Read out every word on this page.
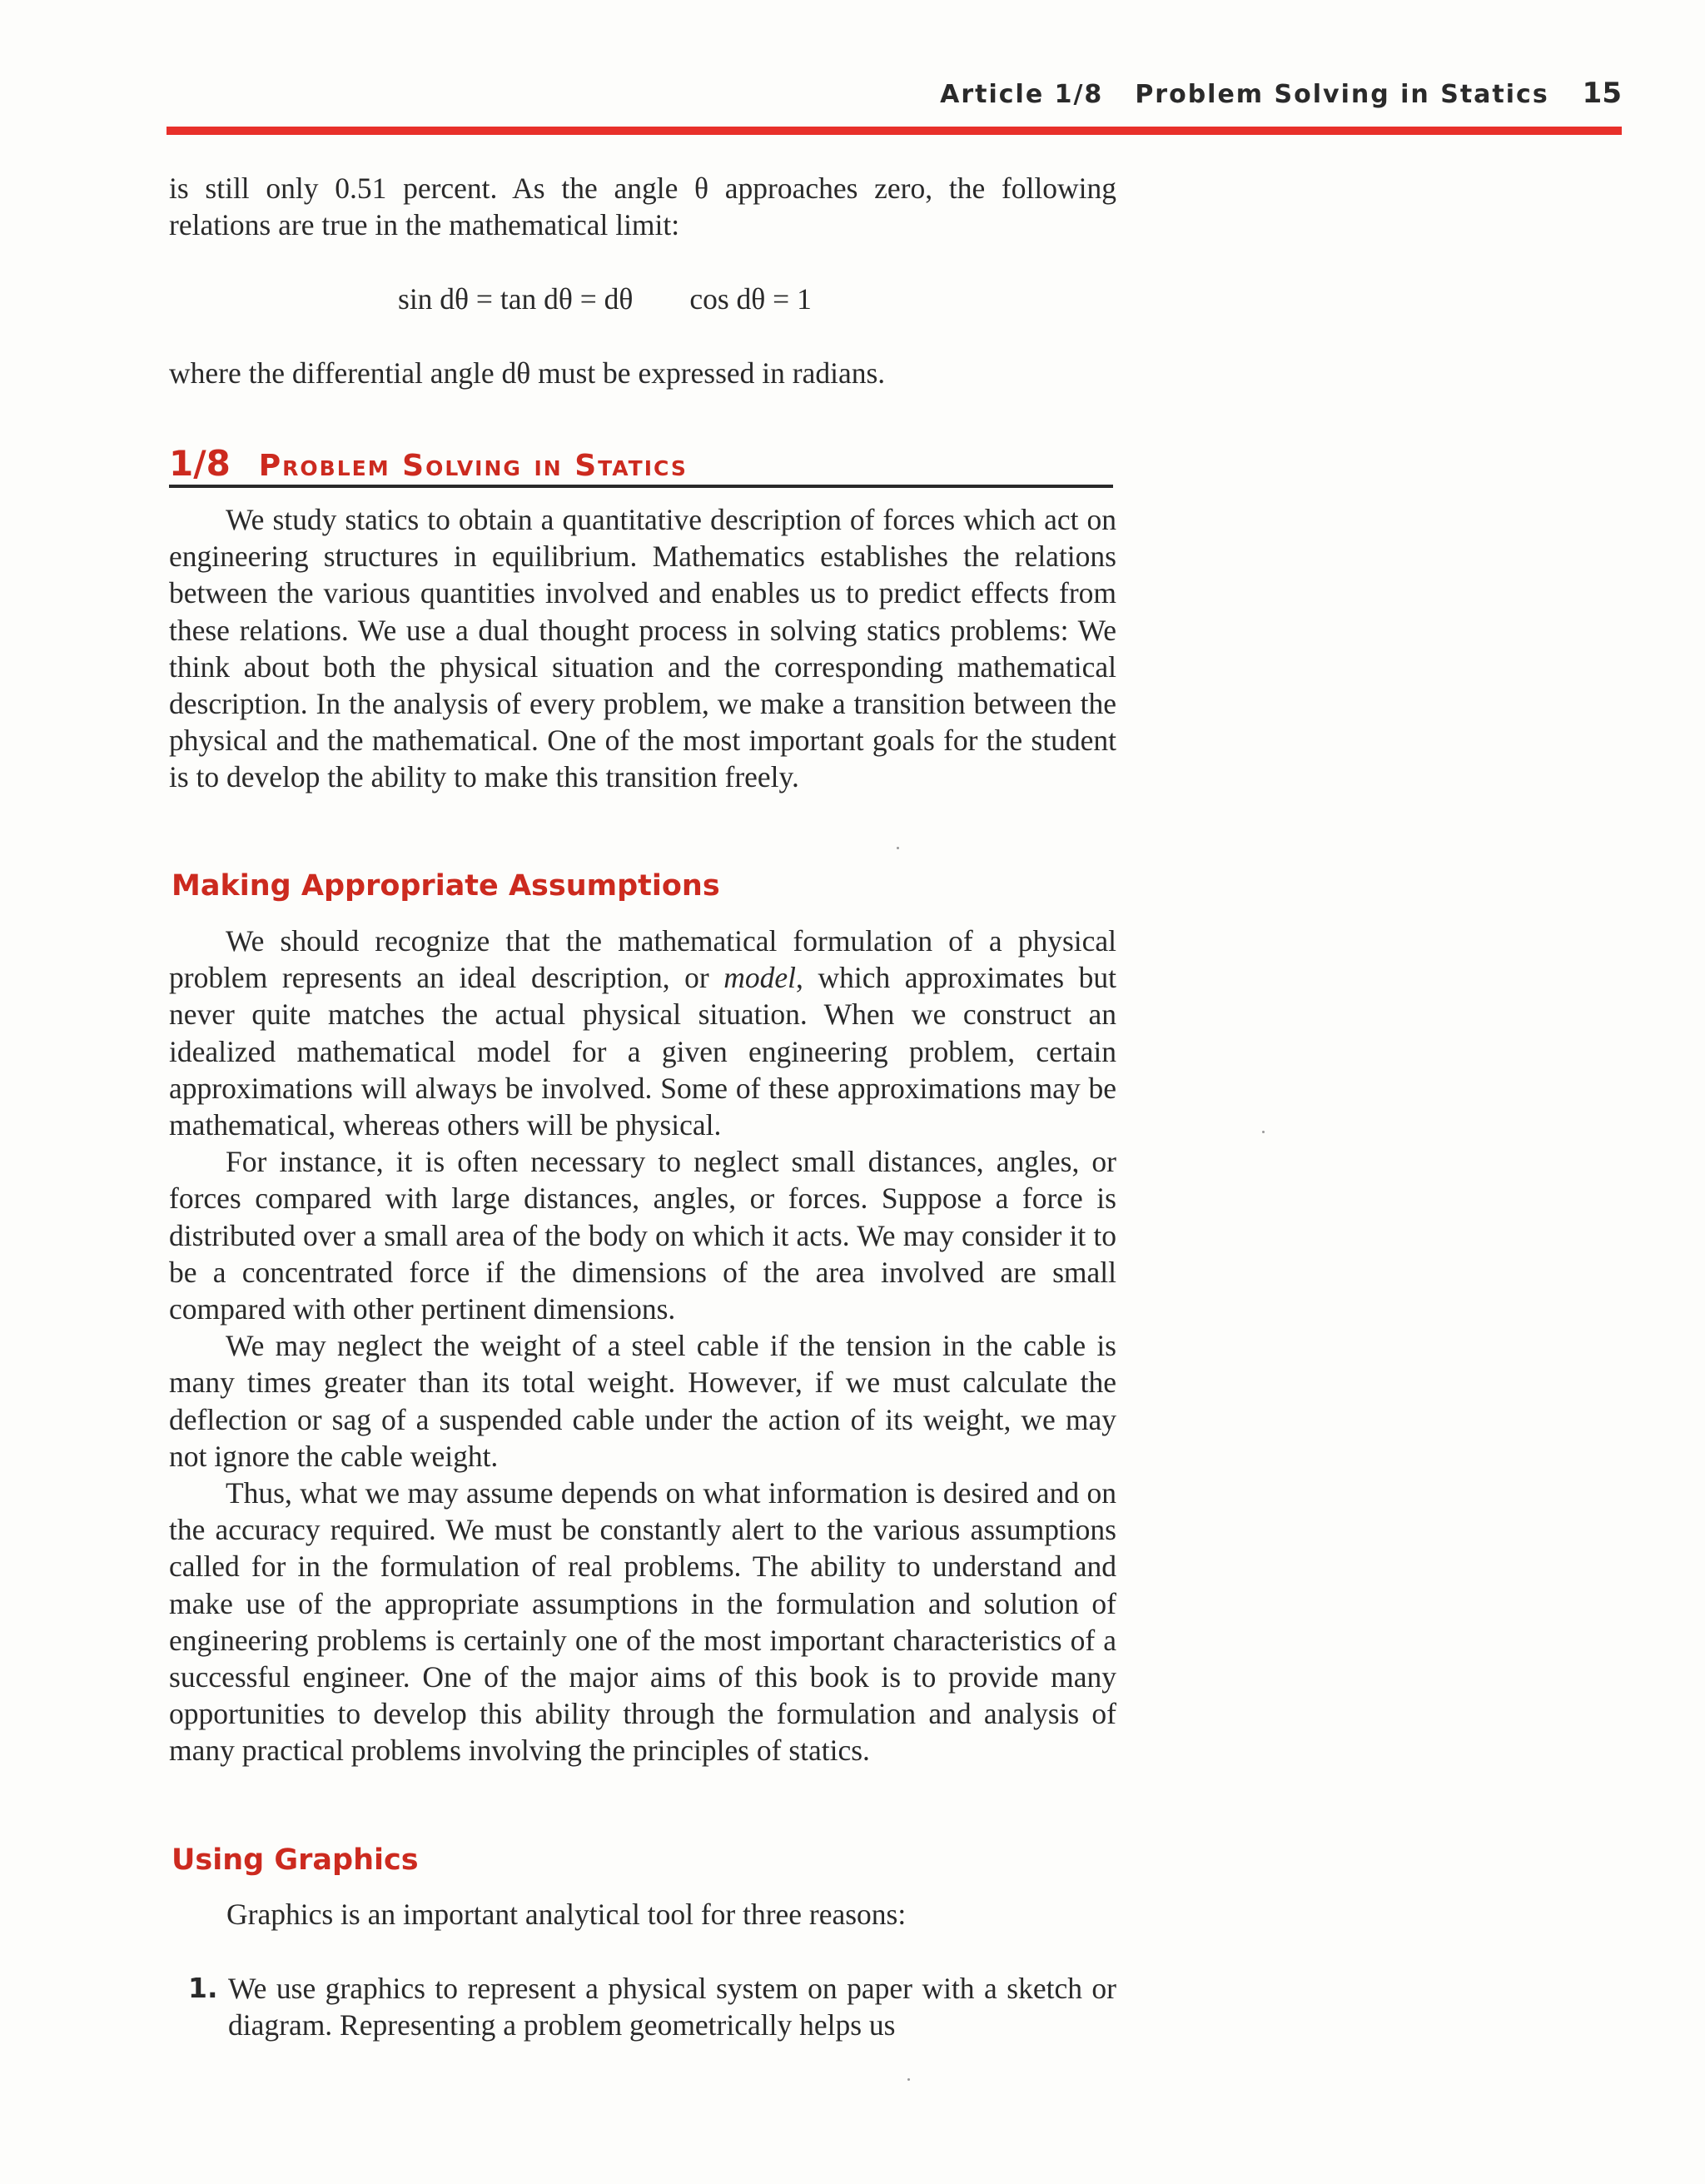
Article 1/8 Problem Solving in Statics 15

is still only 0.51 percent. As the angle θ approaches zero, the following relations are true in the mathematical limit:

sin dθ = tan dθ = dθ cos dθ = 1

where the differential angle dθ must be expressed in radians.

1/8 Problem Solving in Statics

We study statics to obtain a quantitative description of forces which act on engineering structures in equilibrium. Mathematics establishes the relations between the various quantities involved and enables us to predict effects from these relations. We use a dual thought process in solving statics problems: We think about both the physical situation and the corresponding mathematical description. In the analysis of every problem, we make a transition between the physical and the mathematical. One of the most important goals for the student is to develop the ability to make this transition freely.

Making Appropriate Assumptions

We should recognize that the mathematical formulation of a physical problem represents an ideal description, or model, which approximates but never quite matches the actual physical situation. When we construct an idealized mathematical model for a given engineering problem, certain approximations will always be involved. Some of these approximations may be mathematical, whereas others will be physical.

For instance, it is often necessary to neglect small distances, angles, or forces compared with large distances, angles, or forces. Suppose a force is distributed over a small area of the body on which it acts. We may consider it to be a concentrated force if the dimensions of the area involved are small compared with other pertinent dimensions.

We may neglect the weight of a steel cable if the tension in the cable is many times greater than its total weight. However, if we must calculate the deflection or sag of a suspended cable under the action of its weight, we may not ignore the cable weight.

Thus, what we may assume depends on what information is desired and on the accuracy required. We must be constantly alert to the various assumptions called for in the formulation of real problems. The ability to understand and make use of the appropriate assumptions in the formulation and solution of engineering problems is certainly one of the most important characteristics of a successful engineer. One of the major aims of this book is to provide many opportunities to develop this ability through the formulation and analysis of many practical problems involving the principles of statics.

Using Graphics
Graphics is an important analytical tool for three reasons:
1. We use graphics to represent a physical system on paper with a sketch or diagram. Representing a problem geometrically helps us
